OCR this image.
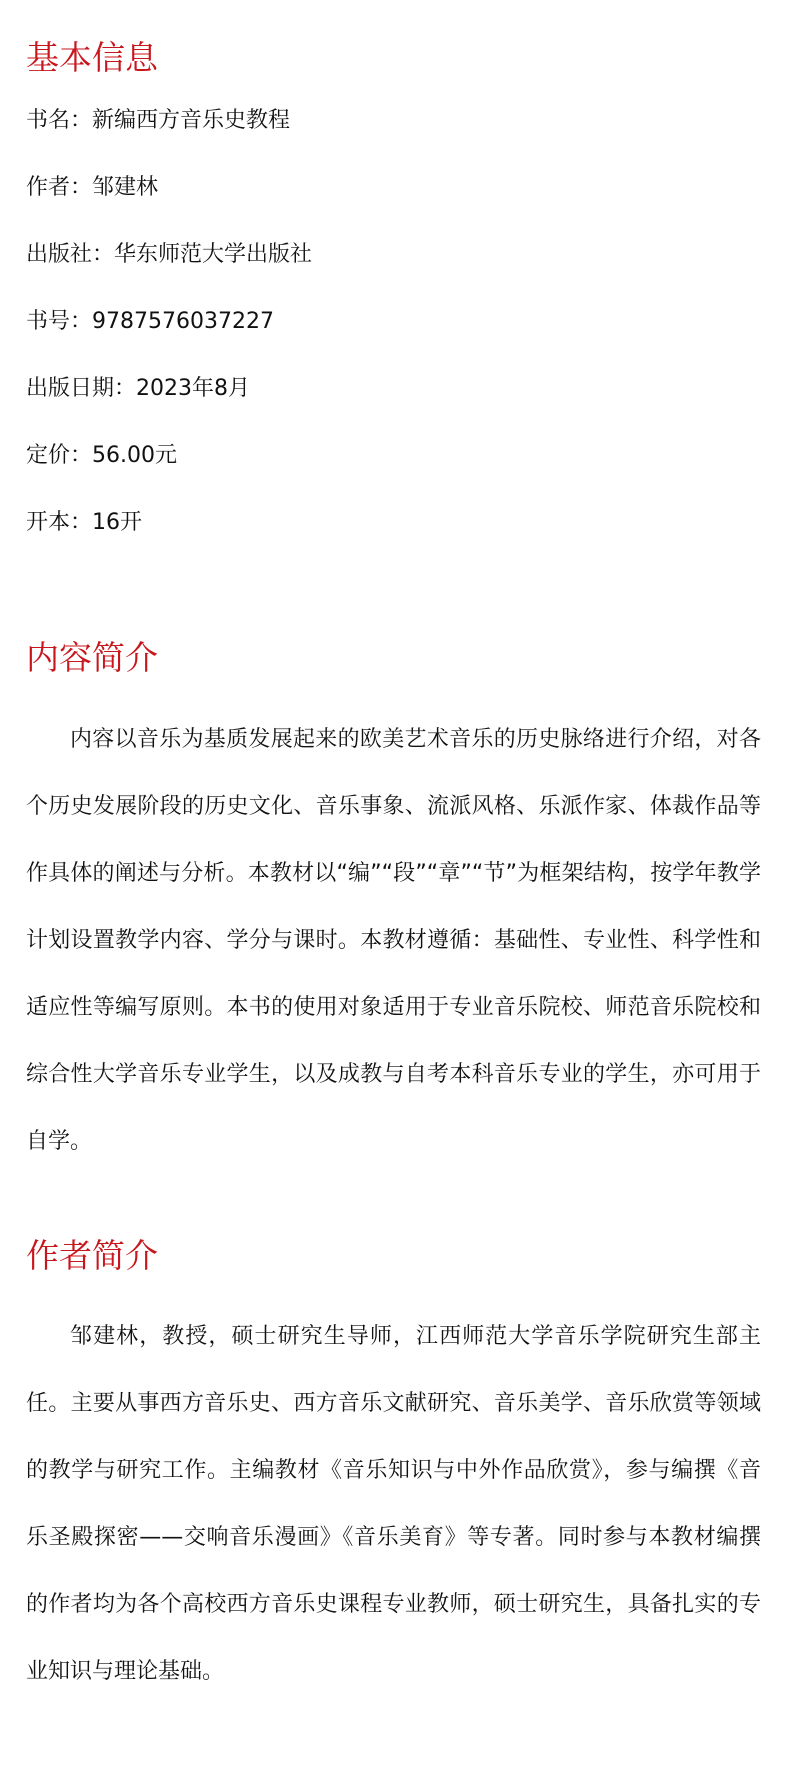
基本信息
书名：新编西方音乐史教程
作者：邹建林
出版社：华东师范大学出版社
书号：9787576037227
出版日期：2023年8月
定价：56.00元
开本：16开
内容简介

内容以音乐为基质发展起来的欧美艺术音乐的历史脉络进行介绍，对各个历史发展阶段的历史文化、音乐事象、流派风格、乐派作家、体裁作品等作具体的阐述与分析。本教材以“编”“段”“章”“节”为框架结构，按学年教学计划设置教学内容、学分与课时。本教材遵循：基础性、专业性、科学性和适应性等编写原则。本书的使用对象适用于专业音乐院校、师范音乐院校和综合性大学音乐专业学生，以及成教与自考本科音乐专业的学生，亦可用于自学。

作者简介

邹建林，教授，硕士研究生导师，江西师范大学音乐学院研究生部主任。主要从事西方音乐史、西方音乐文献研究、音乐美学、音乐欣赏等领域的教学与研究工作。主编教材《音乐知识与中外作品欣赏》，参与编撰《音乐圣殿探密——交响音乐漫画》《音乐美育》等专著。同时参与本教材编撰的作者均为各个高校西方音乐史课程专业教师，硕士研究生，具备扎实的专业知识与理论基础。
